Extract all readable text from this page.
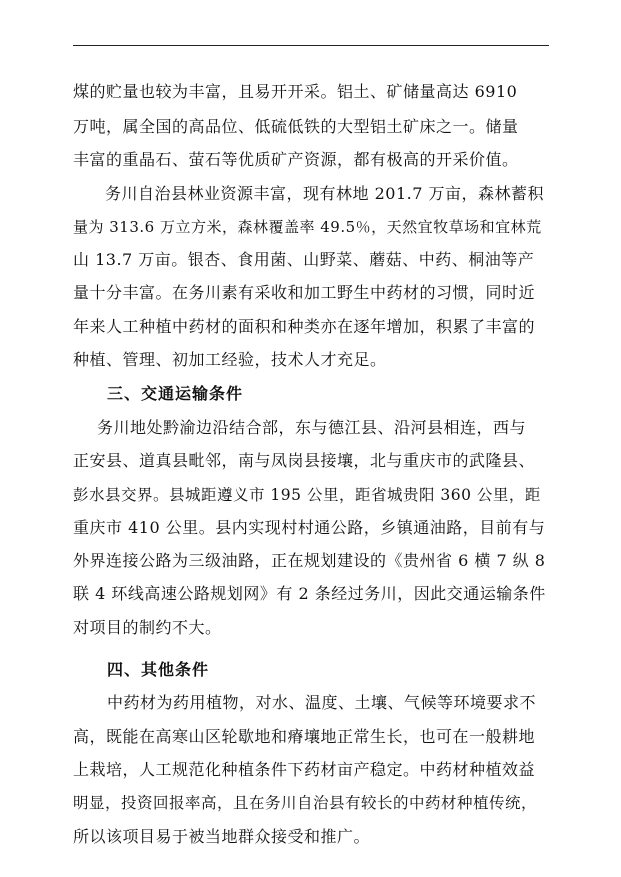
煤的贮量也较为丰富，且易开开采。铝土、矿储量高达 6910
万吨，属全国的高品位、低硫低铁的大型铝土矿床之一。储量
丰富的重晶石、萤石等优质矿产资源，都有极高的开采价值。
务川自治县林业资源丰富，现有林地 201.7 万亩，森林蓄积
量为 313.6 万立方米，森林覆盖率 49.5％，天然宜牧草场和宜林荒
山 13.7 万亩。银杏、食用菌、山野菜、蘑菇、中药、桐油等产
量十分丰富。在务川素有采收和加工野生中药材的习惯，同时近
年来人工种植中药材的面积和种类亦在逐年增加，积累了丰富的
种植、管理、初加工经验，技术人才充足。
三、交通运输条件
务川地处黔渝边沿结合部，东与德江县、沿河县相连，西与
正安县、道真县毗邻，南与凤岗县接壤，北与重庆市的武隆县、
彭水县交界。县城距遵义市 195 公里，距省城贵阳 360 公里，距
重庆市 410 公里。县内实现村村通公路，乡镇通油路，目前有与
外界连接公路为三级油路，正在规划建设的《贵州省 6 横 7 纵 8
联 4 环线高速公路规划网》有 2 条经过务川，因此交通运输条件
对项目的制约不大。
四、其他条件
中药材为药用植物，对水、温度、土壤、气候等环境要求不
高，既能在高寒山区轮歇地和瘠壤地正常生长，也可在一般耕地
上栽培，人工规范化种植条件下药材亩产稳定。中药材种植效益
明显，投资回报率高，且在务川自治县有较长的中药材种植传统，
所以该项目易于被当地群众接受和推广。
